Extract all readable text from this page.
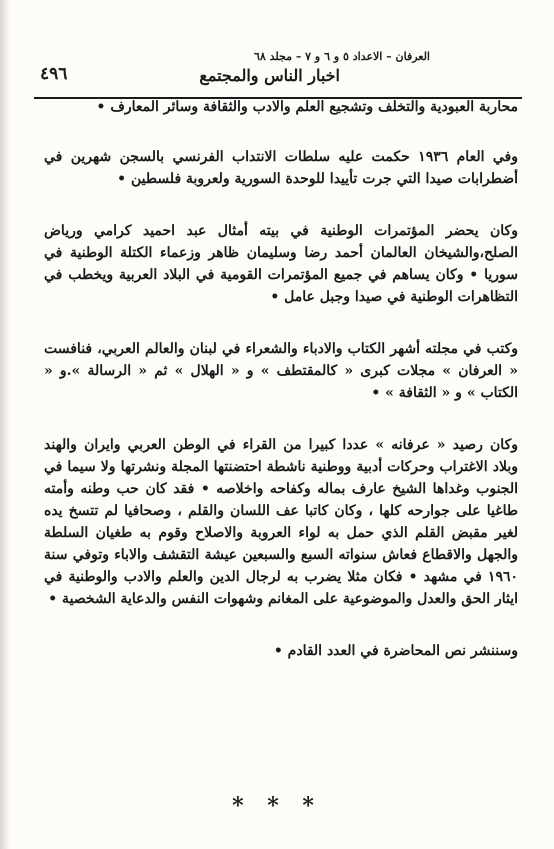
العرفان – الاعداد ٥ و ٦ و ٧ – مجلد ٦٨
اخبار الناس والمجتمع
٤٩٦

محاربة العبودية والتخلف وتشجيع العلم والادب والثقافة وسائر المعارف •

وفي العام ١٩٣٦ حكمت عليه سلطات الانتداب الفرنسي بالسجن شهرين في أضطرابات صيدا التي جرت تأييدا للوحدة السورية ولعروبة فلسطين •

وكان يحضر المؤتمرات الوطنية في بيته أمثال عبد احميد كرامي ورياض الصلح،والشيخان العالمان أحمد رضا وسليمان ظاهر وزعماء الكتلة الوطنية في سوريا • وكان يساهم في جميع المؤتمرات القومية في البلاد العربية ويخطب في التظاهرات الوطنية في صيدا وجبل عامل •

وكتب في مجلته أشهر الكتاب والادباء والشعراء في لبنان والعالم العربي، فنافست « العرفان » مجلات كبرى « كالمقتطف » و « الهلال » ثم « الرسالة ».و « الكتاب » و « الثقافة » •

وكان رصيد « عرفانه » عددا كبيرا من القراء في الوطن العربي وايران والهند وبلاد الاغتراب وحركات أدبية ووطنية ناشطة احتضنتها المجلة ونشرتها ولا سيما في الجنوب وغداها الشيخ عارف بماله وكفاحه واخلاصه • فقد كان حب وطنه وأمته طاغيا على جوارحه كلها ، وكان كاتبا عف اللسان والقلم ، وصحافيا لم تتسخ يده لغير مقبض القلم الذي حمل به لواء العروبة والاصلاح وقوم به طغيان السلطة والجهل والاقطاع فعاش سنواته السبع والسبعين عيشة التقشف والاباء وتوفي سنة ١٩٦٠ في مشهد • فكان مثلا يضرب به لرجال الدين والعلم والادب والوطنية في ايثار الحق والعدل والموضوعية على المغانم وشهوات النفس والدعاية الشخصية •

وسننشر نص المحاضرة في العدد القادم •

* * *
